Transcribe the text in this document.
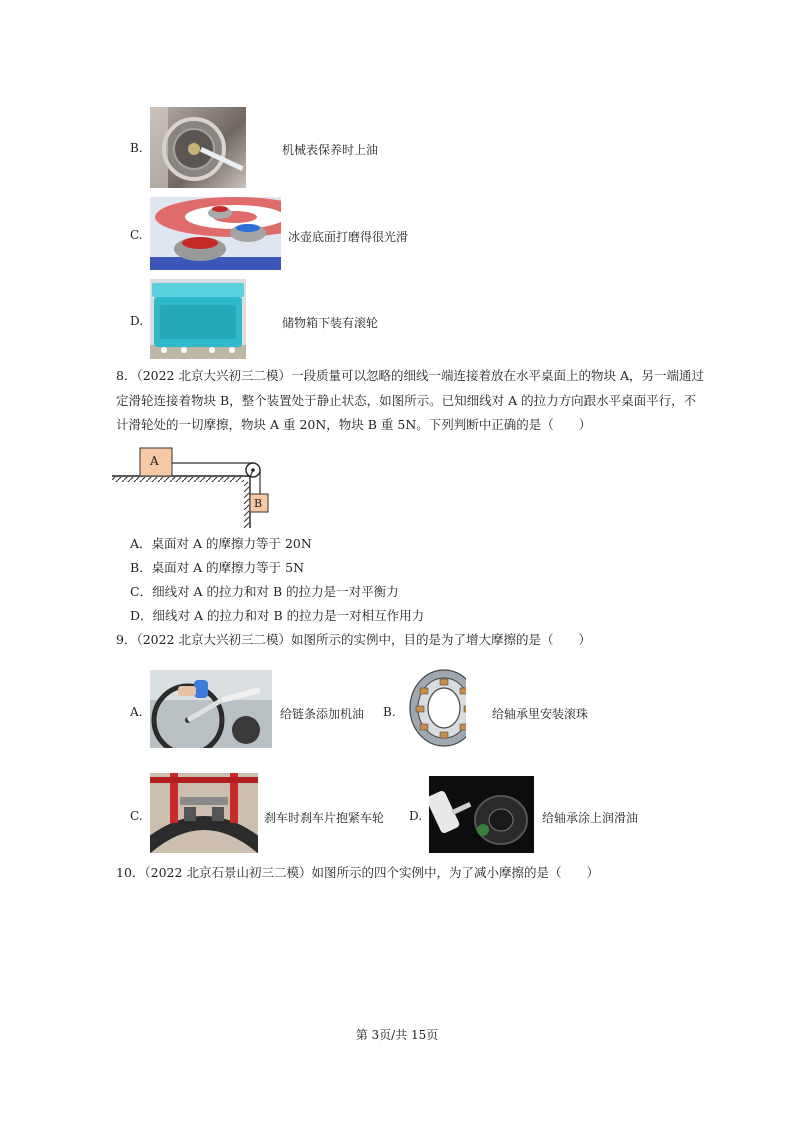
B.	机械表保养时上油
C.	冰壶底面打磨得很光滑
D.	储物箱下装有滚轮
8．（2022 北京大兴初三二模）一段质量可以忽略的细线一端连接着放在水平桌面上的物块 A，另一端通过
定滑轮连接着物块 B，整个装置处于静止状态，如图所示。已知细线对 A 的拉力方向跟水平桌面平行，不
计滑轮处的一切摩擦，物块 A 重 20N，物块 B 重 5N。下列判断中正确的是（　　）
A
B
A．桌面对 A 的摩擦力等于 20N
B．桌面对 A 的摩擦力等于 5N
C．细线对 A 的拉力和对 B 的拉力是一对平衡力
D．细线对 A 的拉力和对 B 的拉力是一对相互作用力
9．（2022 北京大兴初三二模）如图所示的实例中，目的是为了增大摩擦的是（　　）
A.	给链条添加机油 B.	给轴承里安装滚珠
C.	刹车时刹车片抱紧车轮 D.	给轴承涂上润滑油
10．（2022 北京石景山初三二模）如图所示的四个实例中，为了减小摩擦的是（　　）
第 3页/共 15页
